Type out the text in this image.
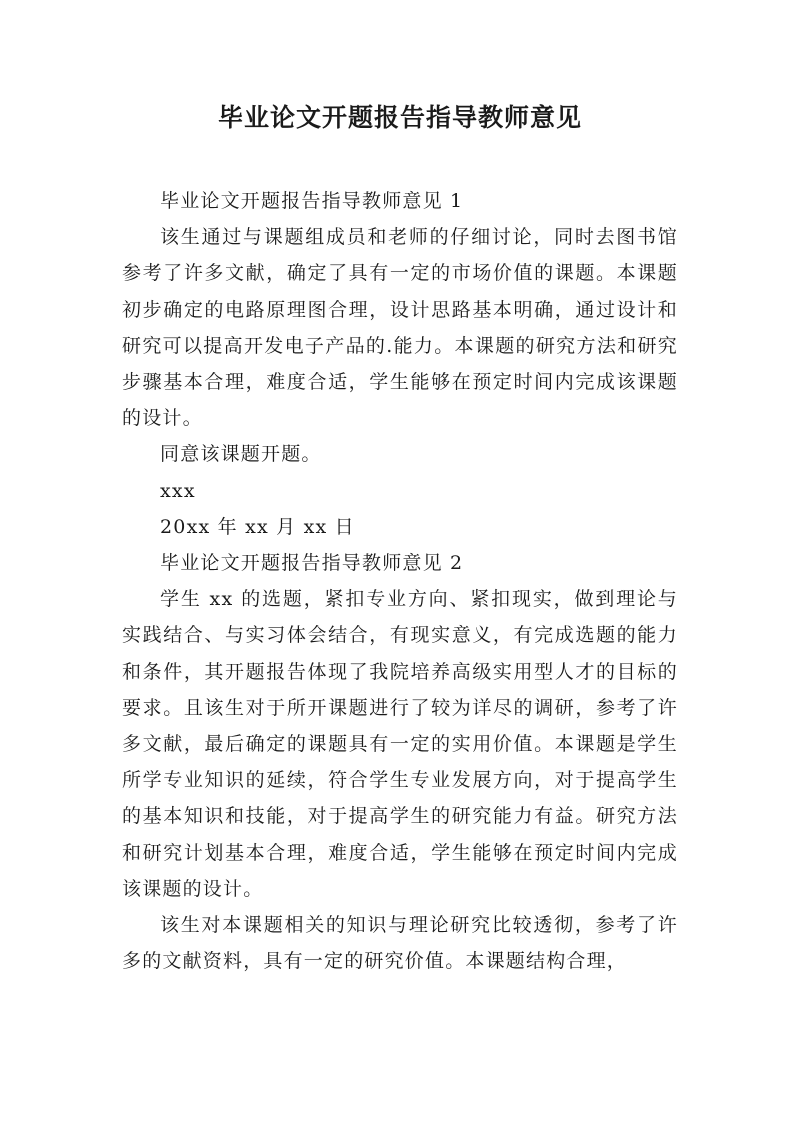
毕业论文开题报告指导教师意见

毕业论文开题报告指导教师意见 1

该生通过与课题组成员和老师的仔细讨论，同时去图书馆参考了许多文献，确定了具有一定的市场价值的课题。本课题初步确定的电路原理图合理，设计思路基本明确，通过设计和研究可以提高开发电子产品的.能力。本课题的研究方法和研究步骤基本合理，难度合适，学生能够在预定时间内完成该课题的设计。

同意该课题开题。

xxx

20xx 年 xx 月 xx 日

毕业论文开题报告指导教师意见 2

学生 xx 的选题，紧扣专业方向、紧扣现实，做到理论与实践结合、与实习体会结合，有现实意义，有完成选题的能力和条件，其开题报告体现了我院培养高级实用型人才的目标的要求。且该生对于所开课题进行了较为详尽的调研，参考了许多文献，最后确定的课题具有一定的实用价值。本课题是学生所学专业知识的延续，符合学生专业发展方向，对于提高学生的基本知识和技能，对于提高学生的研究能力有益。研究方法和研究计划基本合理，难度合适，学生能够在预定时间内完成该课题的设计。

该生对本课题相关的知识与理论研究比较透彻，参考了许多的文献资料，具有一定的研究价值。本课题结构合理，
